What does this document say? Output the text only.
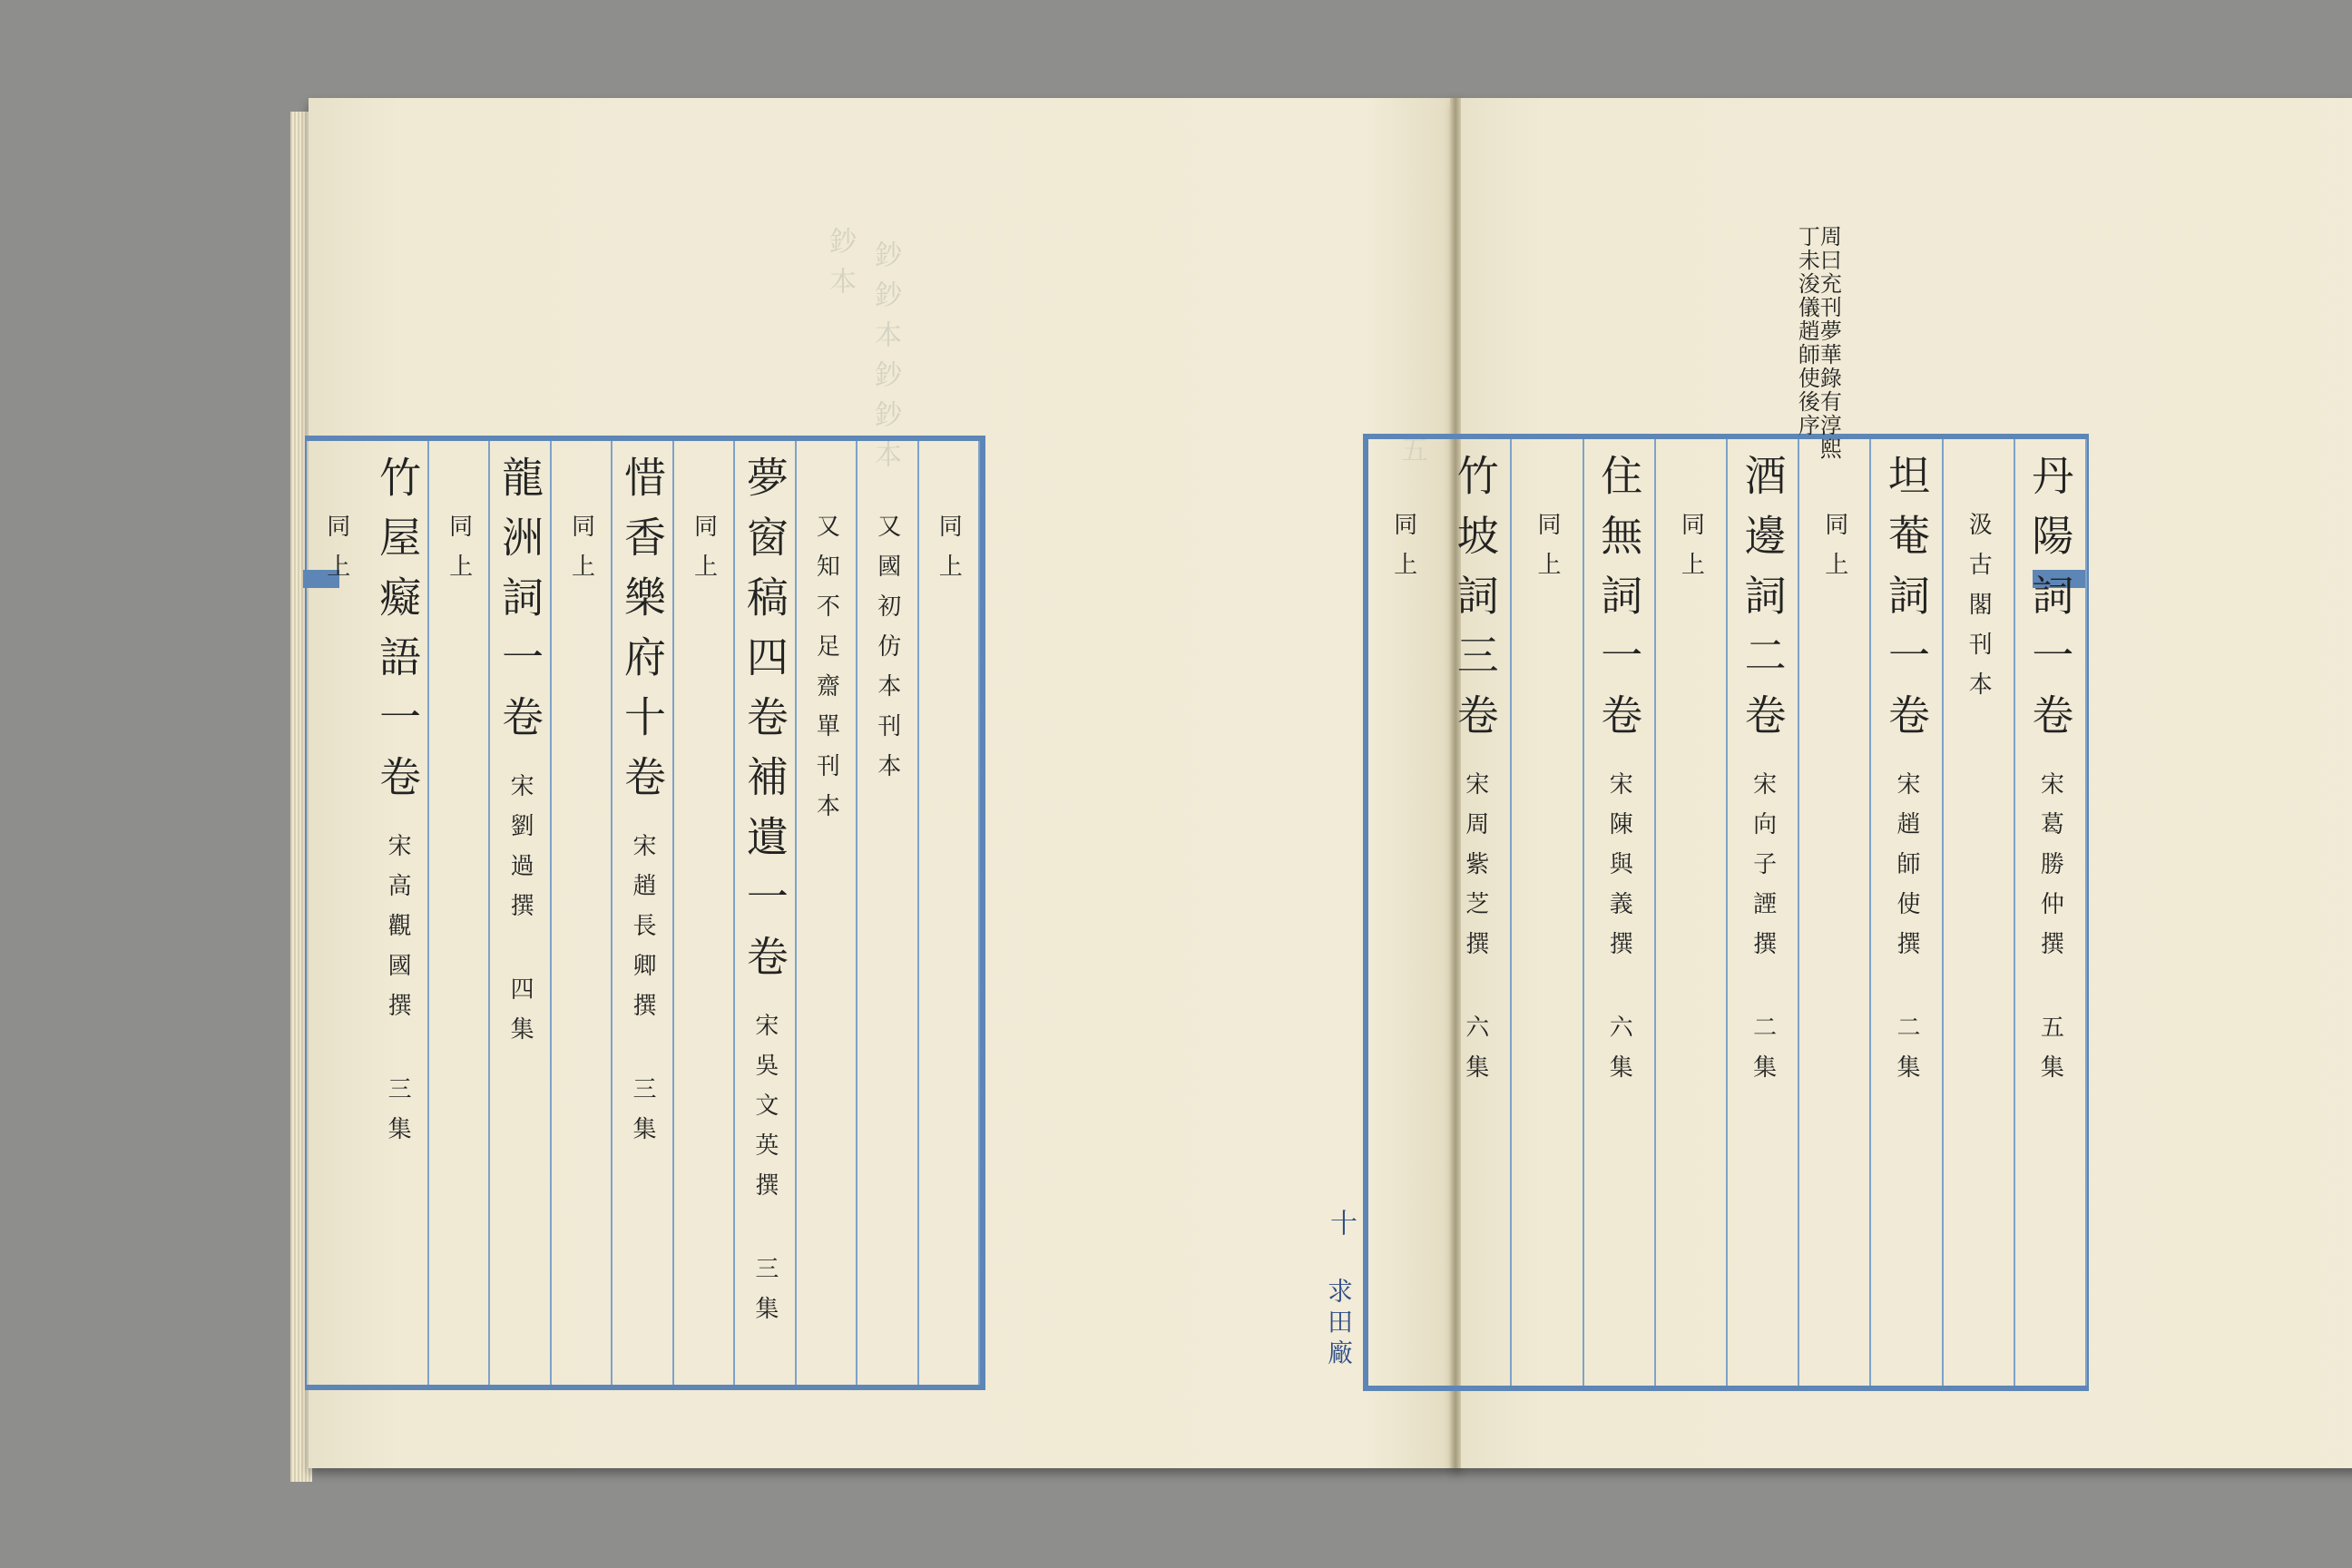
鈔鈔本鈔鈔本
鈔本
五
同上
又國初仿本刊本
又知不足齋單刊本
夢窗稿四卷補遺一卷
宋吳文英撰 三集
同上
惜香樂府十卷
宋趙長卿撰 三集
同上
龍洲詞一卷
宋劉過撰 四集
同上
竹屋癡語一卷
宋高觀國撰 三集
同上	丹陽詞一卷
宋葛勝仲撰 五集
汲古閣刊本
坦菴詞一卷
宋趙師使撰 二集
同上
酒邊詞二卷
宋向子諲撰 二集
同上
住無詞一卷
宋陳與義撰 六集
同上
竹坡詞三卷
宋周紫芝撰 六集
同上
周曰充刊夢華錄有淳熙
丁未浚儀趙師使後序
十
求田廠
